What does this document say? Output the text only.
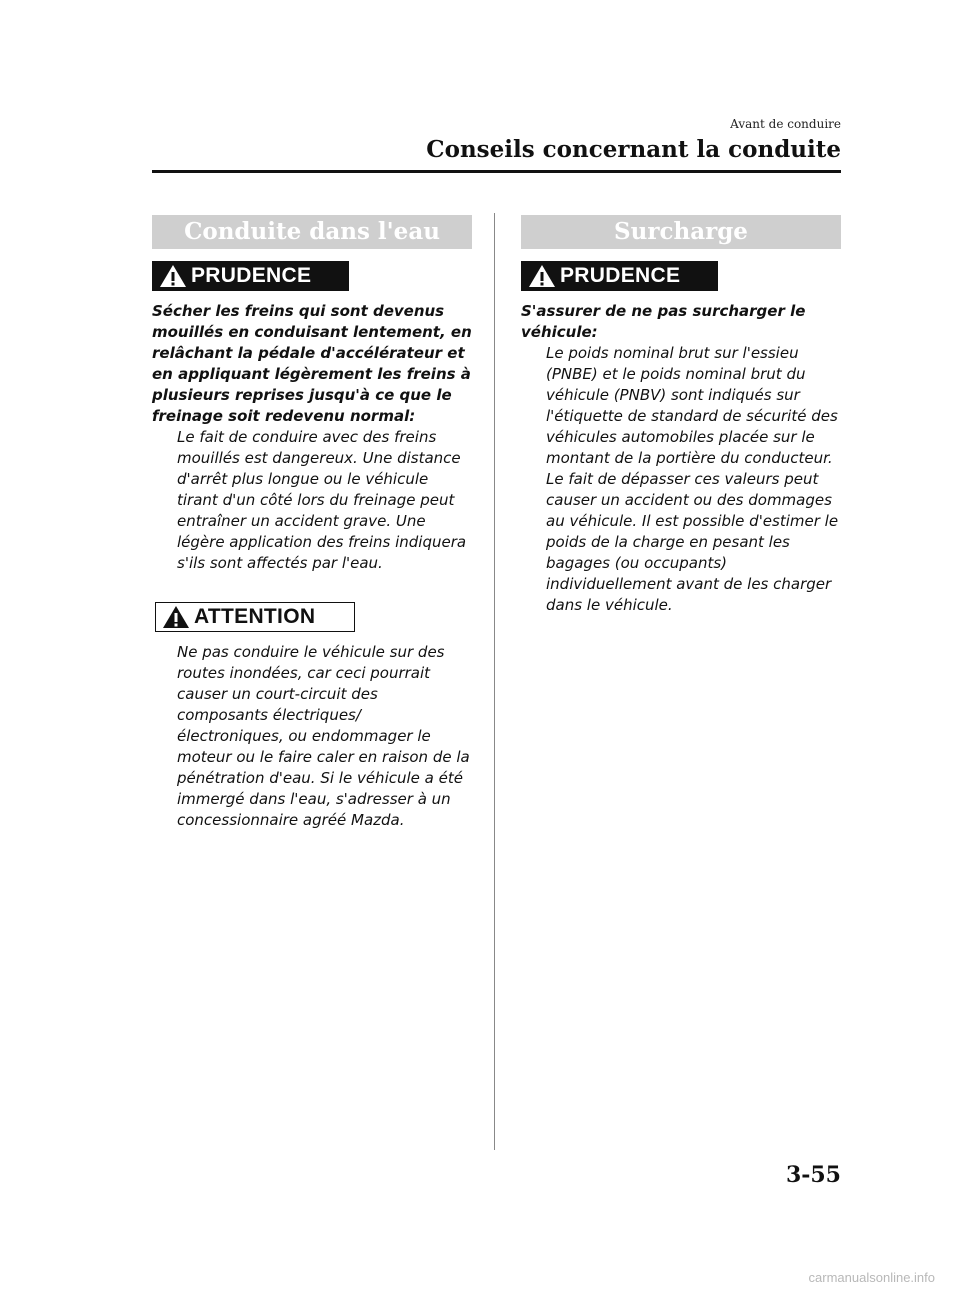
Avant de conduire
Conseils concernant la conduite
Conduite dans l'eau
PRUDENCE
Sécher les freins qui sont devenus mouillés en conduisant lentement, en relâchant la pédale d'accélérateur et en appliquant légèrement les freins à plusieurs reprises jusqu'à ce que le freinage soit redevenu normal:
Le fait de conduire avec des freins mouillés est dangereux. Une distance d'arrêt plus longue ou le véhicule tirant d'un côté lors du freinage peut entraîner un accident grave. Une légère application des freins indiquera s'ils sont affectés par l'eau.
ATTENTION
Ne pas conduire le véhicule sur des routes inondées, car ceci pourrait causer un court-circuit des composants électriques/ électroniques, ou endommager le moteur ou le faire caler en raison de la pénétration d'eau. Si le véhicule a été immergé dans l'eau, s'adresser à un concessionnaire agréé Mazda.
Surcharge
PRUDENCE
S'assurer de ne pas surcharger le véhicule:
Le poids nominal brut sur l'essieu (PNBE) et le poids nominal brut du véhicule (PNBV) sont indiqués sur l'étiquette de standard de sécurité des véhicules automobiles placée sur le montant de la portière du conducteur. Le fait de dépasser ces valeurs peut causer un accident ou des dommages au véhicule. Il est possible d'estimer le poids de la charge en pesant les bagages (ou occupants) individuellement avant de les charger dans le véhicule.
3-55
carmanualsonline.info
